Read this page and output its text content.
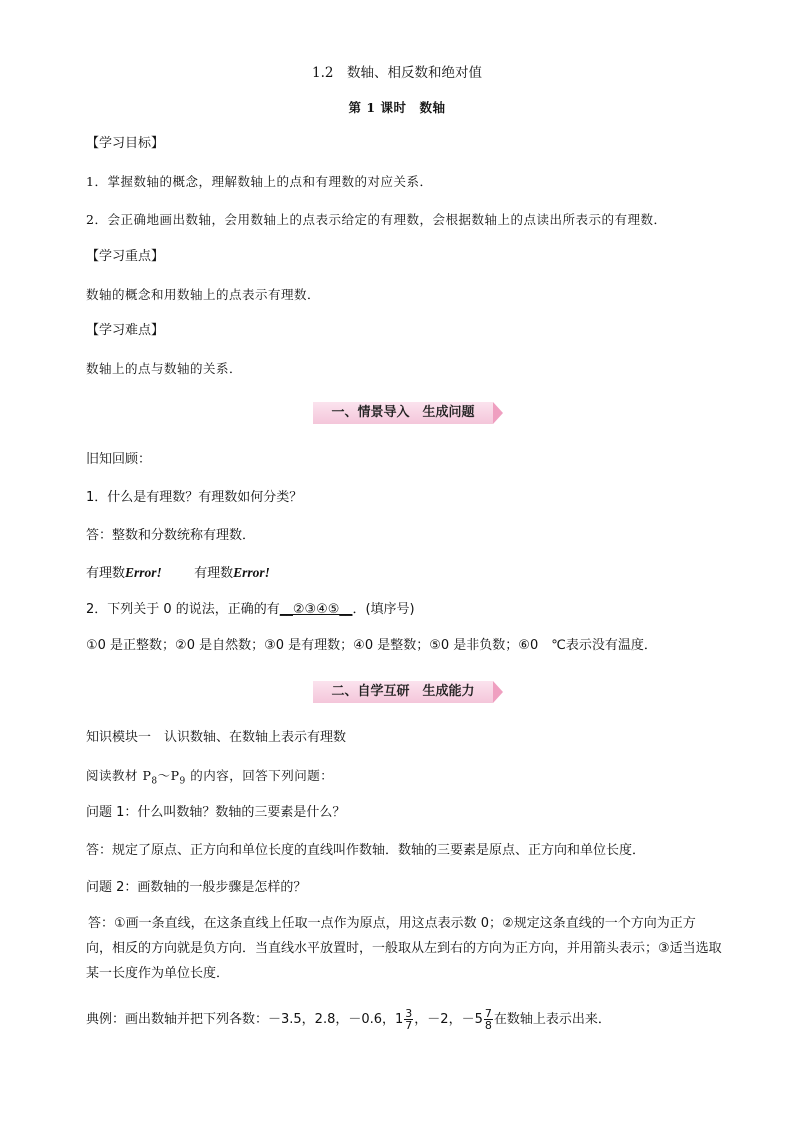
1.2　数轴、相反数和绝对值
第 1 课时　数轴
【学习目标】
1．掌握数轴的概念，理解数轴上的点和有理数的对应关系．
2．会正确地画出数轴，会用数轴上的点表示给定的有理数，会根据数轴上的点读出所表示的有理数．
【学习重点】
数轴的概念和用数轴上的点表示有理数．
【学习难点】
数轴上的点与数轴的关系．
一、情景导入　生成问题
旧知回顾：
1．什么是有理数？有理数如何分类？
答：整数和分数统称有理数．
有理数Error! 有理数Error!
2．下列关于 0 的说法，正确的有__②③④⑤__．(填序号)
①0 是正整数；②0 是自然数；③0 是有理数；④0 是整数；⑤0 是非负数；⑥0　℃表示没有温度．
二、自学互研　生成能力
知识模块一　认识数轴、在数轴上表示有理数
阅读教材 $P_8\sim P_9$ 的内容，回答下列问题：
问题 1：什么叫数轴？数轴的三要素是什么？
答：规定了原点、正方向和单位长度的直线叫作数轴．数轴的三要素是原点、正方向和单位长度．
问题 2：画数轴的一般步骤是怎样的？
答：①画一条直线，在这条直线上任取一点作为原点，用这点表示数 0；②规定这条直线的一个方向为正方
向，相反的方向就是负方向．当直线水平放置时，一般取从左到右的方向为正方向，并用箭头表示；③适当选取
某一长度作为单位长度．
典例：画出数轴并把下列各数：－3.5，2.8，－0.6，$1 \frac{3}{7}$ ，－2，$-5 \frac{7}{8}$ 在数轴上表示出来．
